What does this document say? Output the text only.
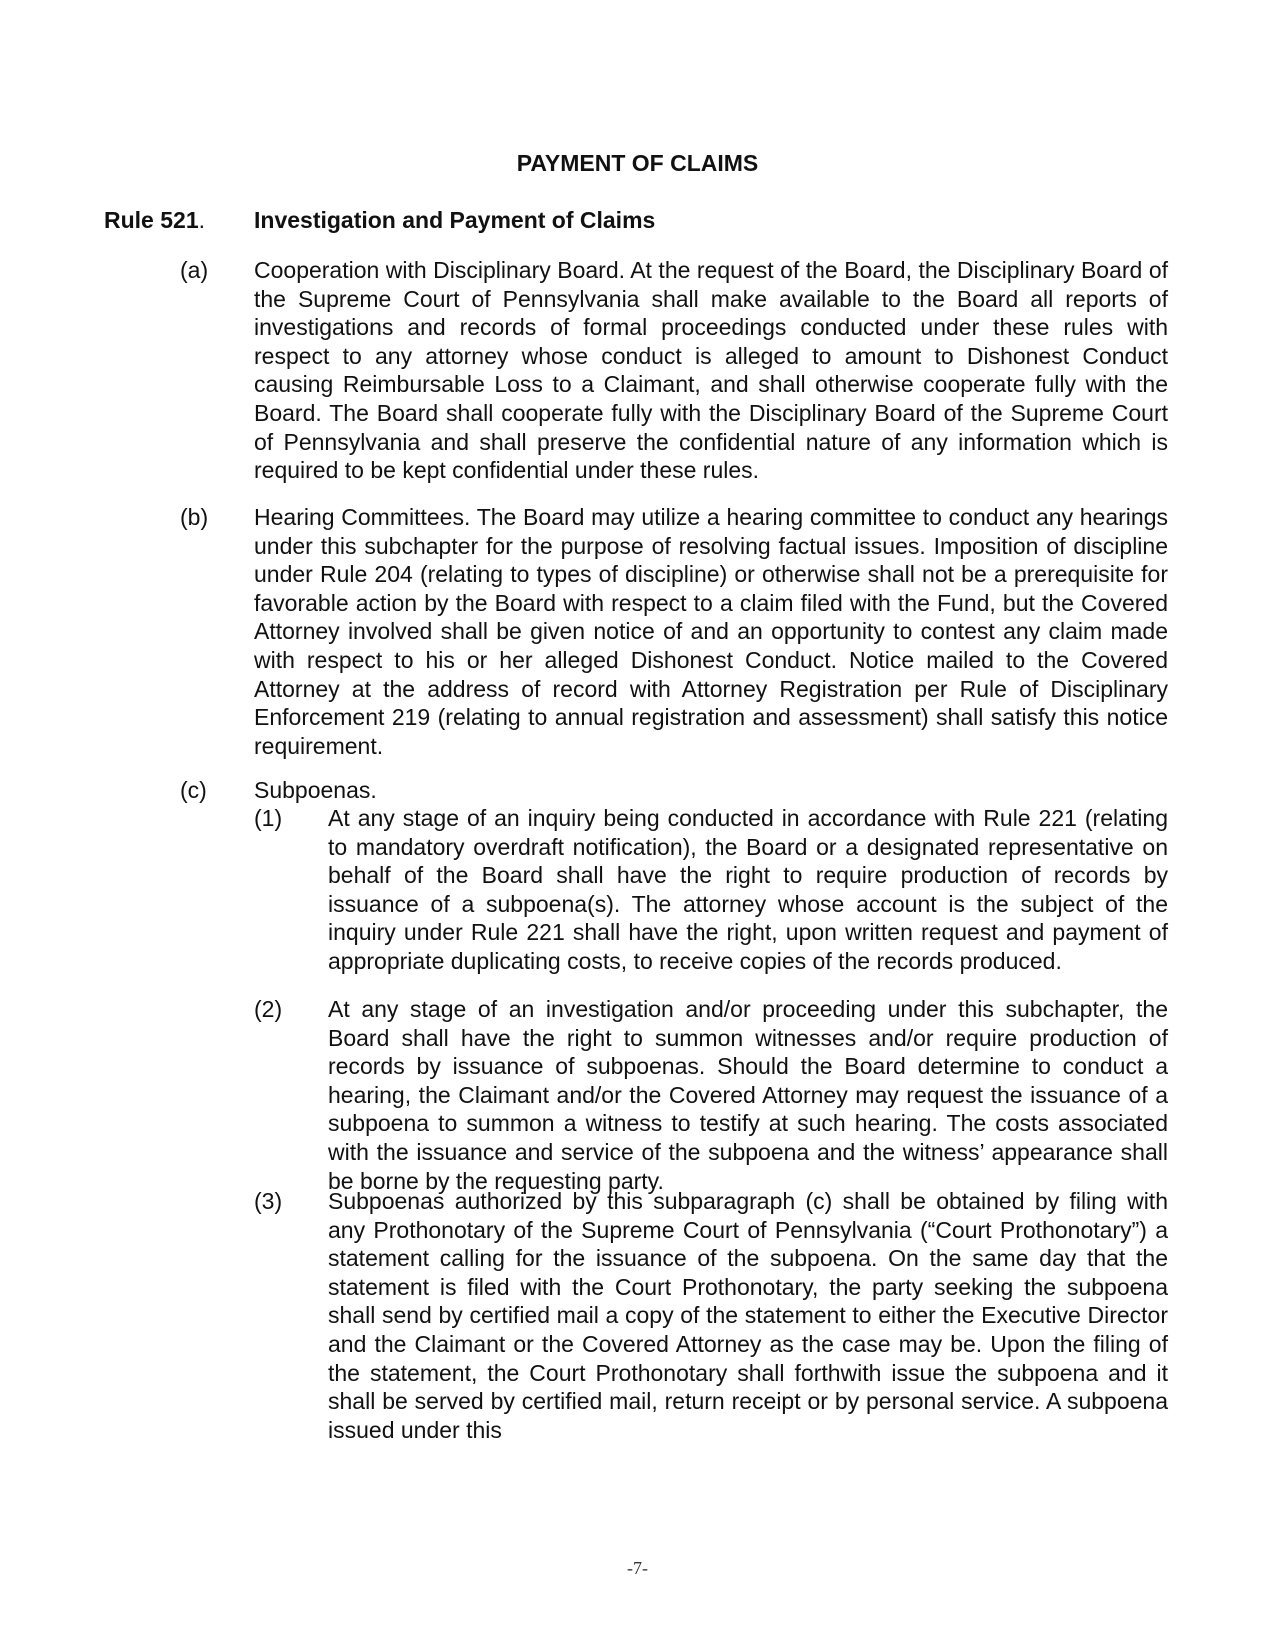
PAYMENT OF CLAIMS
Rule 521. Investigation and Payment of Claims
(a) Cooperation with Disciplinary Board. At the request of the Board, the Disciplinary Board of the Supreme Court of Pennsylvania shall make available to the Board all reports of investigations and records of formal proceedings conducted under these rules with respect to any attorney whose conduct is alleged to amount to Dishonest Conduct causing Reimbursable Loss to a Claimant, and shall otherwise cooperate fully with the Board. The Board shall cooperate fully with the Disciplinary Board of the Supreme Court of Pennsylvania and shall preserve the confidential nature of any information which is required to be kept confidential under these rules.
(b) Hearing Committees. The Board may utilize a hearing committee to conduct any hearings under this subchapter for the purpose of resolving factual issues. Imposition of discipline under Rule 204 (relating to types of discipline) or otherwise shall not be a prerequisite for favorable action by the Board with respect to a claim filed with the Fund, but the Covered Attorney involved shall be given notice of and an opportunity to contest any claim made with respect to his or her alleged Dishonest Conduct. Notice mailed to the Covered Attorney at the address of record with Attorney Registration per Rule of Disciplinary Enforcement 219 (relating to annual registration and assessment) shall satisfy this notice requirement.
(c) Subpoenas.
(1) At any stage of an inquiry being conducted in accordance with Rule 221 (relating to mandatory overdraft notification), the Board or a designated representative on behalf of the Board shall have the right to require production of records by issuance of a subpoena(s). The attorney whose account is the subject of the inquiry under Rule 221 shall have the right, upon written request and payment of appropriate duplicating costs, to receive copies of the records produced.
(2) At any stage of an investigation and/or proceeding under this subchapter, the Board shall have the right to summon witnesses and/or require production of records by issuance of subpoenas. Should the Board determine to conduct a hearing, the Claimant and/or the Covered Attorney may request the issuance of a subpoena to summon a witness to testify at such hearing. The costs associated with the issuance and service of the subpoena and the witness’ appearance shall be borne by the requesting party.
(3) Subpoenas authorized by this subparagraph (c) shall be obtained by filing with any Prothonotary of the Supreme Court of Pennsylvania (“Court Prothonotary”) a statement calling for the issuance of the subpoena. On the same day that the statement is filed with the Court Prothonotary, the party seeking the subpoena shall send by certified mail a copy of the statement to either the Executive Director and the Claimant or the Covered Attorney as the case may be. Upon the filing of the statement, the Court Prothonotary shall forthwith issue the subpoena and it shall be served by certified mail, return receipt or by personal service. A subpoena issued under this
-7-
